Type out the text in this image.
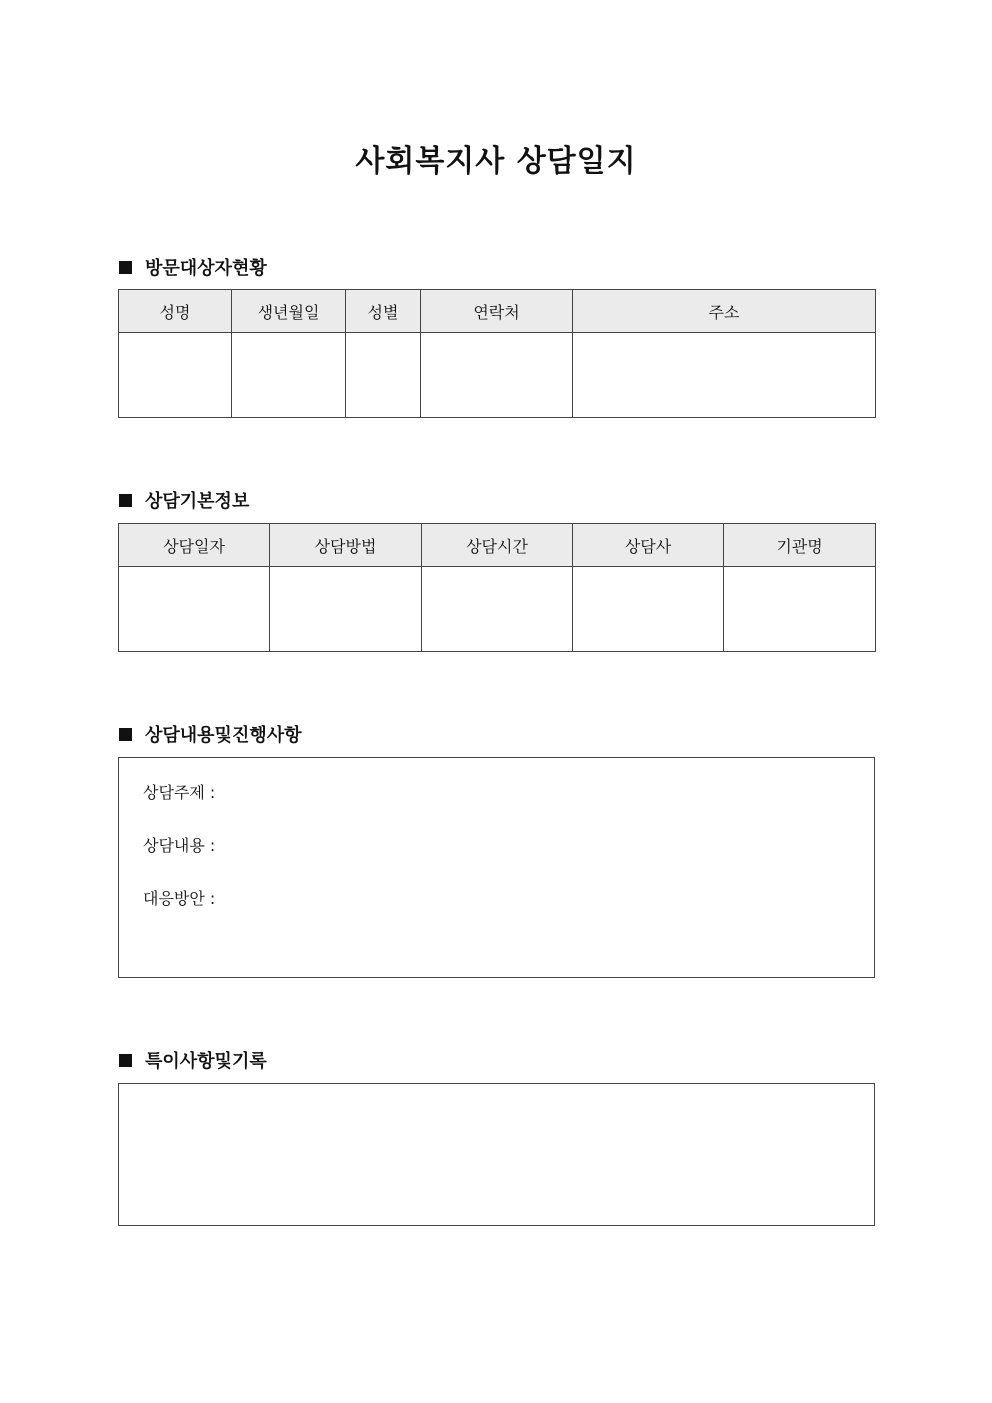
사회복지사 상담일지
방문대상자현황
성명	생년월일	성별	연락처	주소

상담기본정보
상담일자	상담방법	상담시간	상담사	기관명

상담내용및진행사항
상담주제 :
상담내용 :
대응방안 :
특이사항및기록
